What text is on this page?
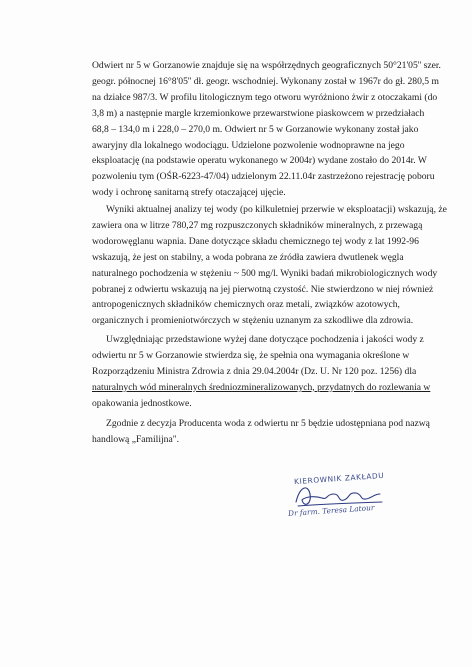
Odwiert nr 5 w Gorzanowie znajduje się na współrzędnych geograficznych 50°21'05'' szer.
geogr. północnej 16°8'05'' dł. geogr. wschodniej. Wykonany został w 1967r do gł. 280,5 m
na działce 987/3. W profilu litologicznym tego otworu wyróżniono żwir z otoczakami (do
3,8 m) a następnie margle krzemionkowe przewarstwione piaskowcem w przedziałach
68,8 – 134,0 m i 228,0 – 270,0 m. Odwiert nr 5 w Gorzanowie wykonany został jako
awaryjny dla lokalnego wodociągu. Udzielone pozwolenie wodnoprawne na jego
eksploatację (na podstawie operatu wykonanego w 2004r) wydane zostało do 2014r. W
pozwoleniu tym (OŚR-6223-47/04) udzielonym 22.11.04r zastrzeżono rejestrację poboru
wody i ochronę sanitarną strefy otaczającej ujęcie.

Wyniki aktualnej analizy tej wody (po kilkuletniej przerwie w eksploatacji) wskazują, że
zawiera ona w litrze 780,27 mg rozpuszczonych składników mineralnych, z przewagą
wodorowęglanu wapnia. Dane dotyczące składu chemicznego tej wody z lat 1992-96
wskazują, że jest on stabilny, a woda pobrana ze źródła zawiera dwutlenek węgla
naturalnego pochodzenia w stężeniu ~ 500 mg/l. Wyniki badań mikrobiologicznych wody
pobranej z odwiertu wskazują na jej pierwotną czystość. Nie stwierdzono w niej również
antropogenicznych składników chemicznych oraz metali, związków azotowych,
organicznych i promieniotwórczych w stężeniu uznanym za szkodliwe dla zdrowia.

Uwzględniając przedstawione wyżej dane dotyczące pochodzenia i jakości wody z
odwiertu nr 5 w Gorzanowie stwierdza się, że spełnia ona wymagania określone w
Rozporządzeniu Ministra Zdrowia z dnia 29.04.2004r (Dz. U. Nr 120 poz. 1256) dla
naturalnych wód mineralnych średniozmineralizowanych, przydatnych do rozlewania w
opakowania jednostkowe.

Zgodnie z decyzja Producenta woda z odwiertu nr 5 będzie udostępniana pod nazwą
handlową „Familijna".

KIEROWNIK ZAKŁADU
Dr farm. Teresa Latour
